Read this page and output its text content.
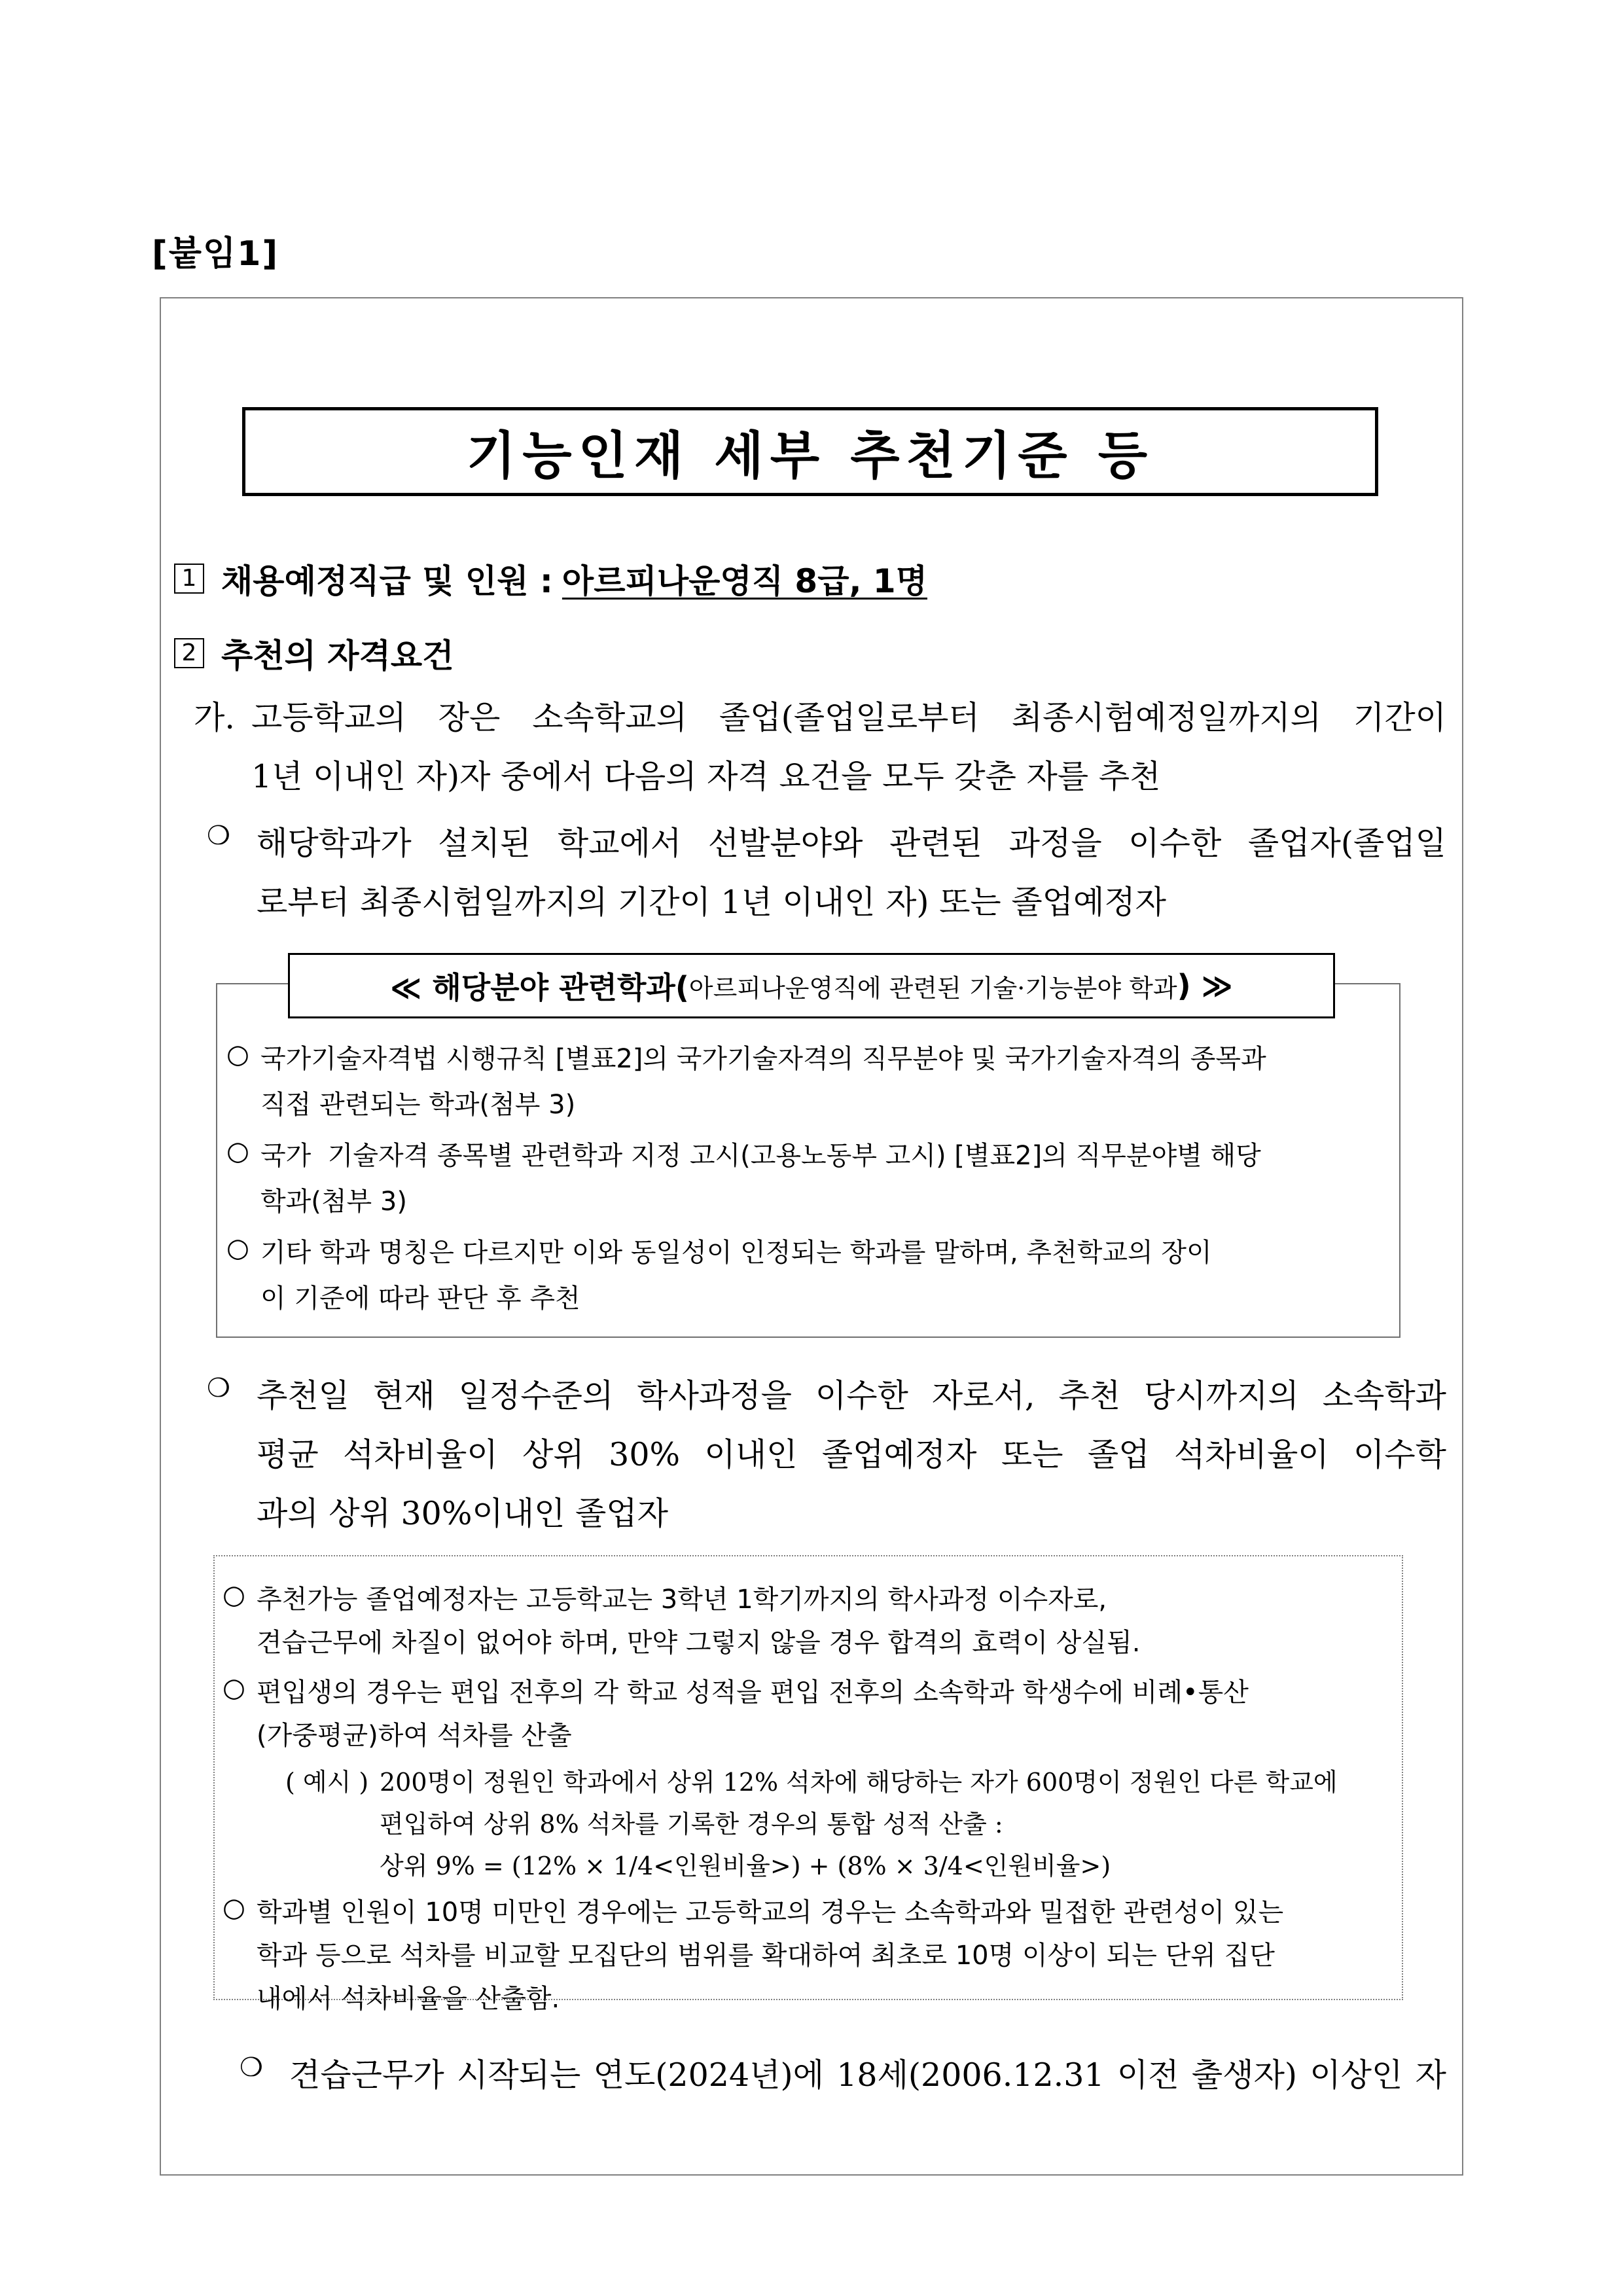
[붙임1]
기능인재 세부 추천기준 등
1 채용예정직급 및 인원 : 아르피나운영직 8급, 1명
2 추천의 자격요건
가. 고등학교의 장은 소속학교의 졸업(졸업일로부터 최종시험예정일까지의 기간이
1년 이내인 자)자 중에서 다음의 자격 요건을 모두 갖춘 자를 추천
❍ 해당학과가 설치된 학교에서 선발분야와 관련된 과정을 이수한 졸업자(졸업일
로부터 최종시험일까지의 기간이 1년 이내인 자) 또는 졸업예정자
≪ 해당분야 관련학과( 아르피나운영직에 관련된 기술·기능분야 학과 ) ≫
○ 국가기술자격법 시행규칙 [별표2]의 국가기술자격의 직무분야 및 국가기술자격의 종목과
직접 관련되는 학과(첨부 3)
○ 국가  기술자격 종목별 관련학과 지정 고시(고용노동부 고시) [별표2]의 직무분야별 해당
학과(첨부 3)
○ 기타 학과 명칭은 다르지만 이와 동일성이 인정되는 학과를 말하며, 추천학교의 장이
이 기준에 따라 판단 후 추천
❍ 추천일 현재 일정수준의 학사과정을 이수한 자로서, 추천 당시까지의 소속학과
평균 석차비율이 상위 30% 이내인 졸업예정자 또는 졸업 석차비율이 이수학
과의 상위 30%이내인 졸업자
○ 추천가능 졸업예정자는 고등학교는 3학년 1학기까지의 학사과정 이수자로,
견습근무에 차질이 없어야 하며, 만약 그렇지 않을 경우 합격의 효력이 상실됨.
○ 편입생의 경우는 편입 전후의 각 학교 성적을 편입 전후의 소속학과 학생수에 비례•통산
(가중평균)하여 석차를 산출
( 예시 ) 200명이 정원인 학과에서 상위 12% 석차에 해당하는 자가 600명이 정원인 다른 학교에
편입하여 상위 8% 석차를 기록한 경우의 통합 성적 산출 :
상위 9% = (12% × 1/4<인원비율>) + (8% × 3/4<인원비율>)
○ 학과별 인원이 10명 미만인 경우에는 고등학교의 경우는 소속학과와 밀접한 관련성이 있는
학과 등으로 석차를 비교할 모집단의 범위를 확대하여 최초로 10명 이상이 되는 단위 집단
내에서 석차비율을 산출함.
❍ 견습근무가 시작되는 연도(2024년)에 18세(2006.12.31 이전 출생자) 이상인 자
